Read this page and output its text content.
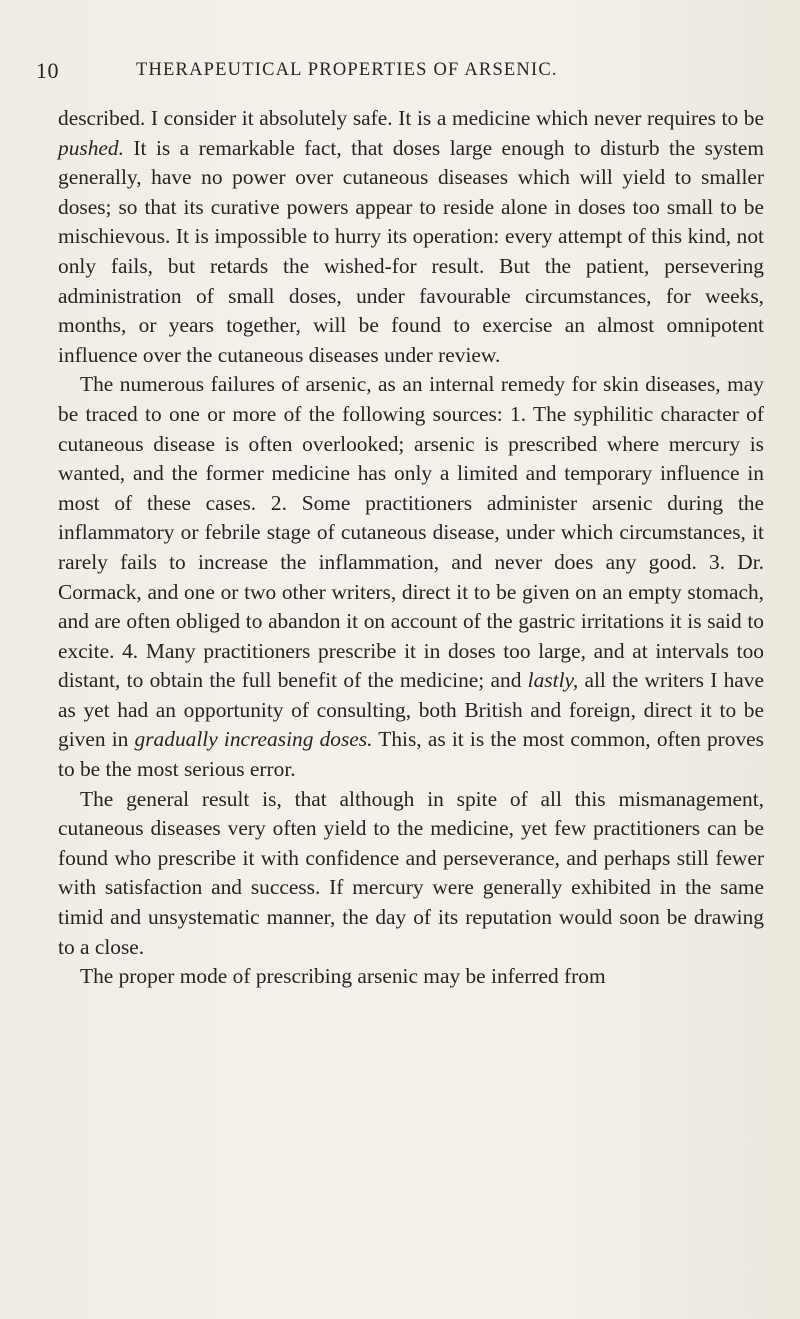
10	THERAPEUTICAL PROPERTIES OF ARSENIC.

described. I consider it absolutely safe. It is a medicine which never requires to be pushed. It is a remarkable fact, that doses large enough to disturb the system generally, have no power over cutaneous diseases which will yield to smaller doses; so that its curative powers appear to reside alone in doses too small to be mischievous. It is impossible to hurry its operation: every attempt of this kind, not only fails, but retards the wished-for result. But the patient, persevering administration of small doses, under favourable circumstances, for weeks, months, or years together, will be found to exercise an almost omnipotent influence over the cutaneous diseases under review.

The numerous failures of arsenic, as an internal remedy for skin diseases, may be traced to one or more of the following sources: 1. The syphilitic character of cutaneous disease is often overlooked; arsenic is prescribed where mercury is wanted, and the former medicine has only a limited and temporary influence in most of these cases. 2. Some practitioners administer arsenic during the inflammatory or febrile stage of cutaneous disease, under which circumstances, it rarely fails to increase the inflammation, and never does any good. 3. Dr. Cormack, and one or two other writers, direct it to be given on an empty stomach, and are often obliged to abandon it on account of the gastric irritations it is said to excite. 4. Many practitioners prescribe it in doses too large, and at intervals too distant, to obtain the full benefit of the medicine; and lastly, all the writers I have as yet had an opportunity of consulting, both British and foreign, direct it to be given in gradually increasing doses. This, as it is the most common, often proves to be the most serious error.

The general result is, that although in spite of all this mismanagement, cutaneous diseases very often yield to the medicine, yet few practitioners can be found who prescribe it with confidence and perseverance, and perhaps still fewer with satisfaction and success. If mercury were generally exhibited in the same timid and unsystematic manner, the day of its reputation would soon be drawing to a close.

The proper mode of prescribing arsenic may be inferred from
